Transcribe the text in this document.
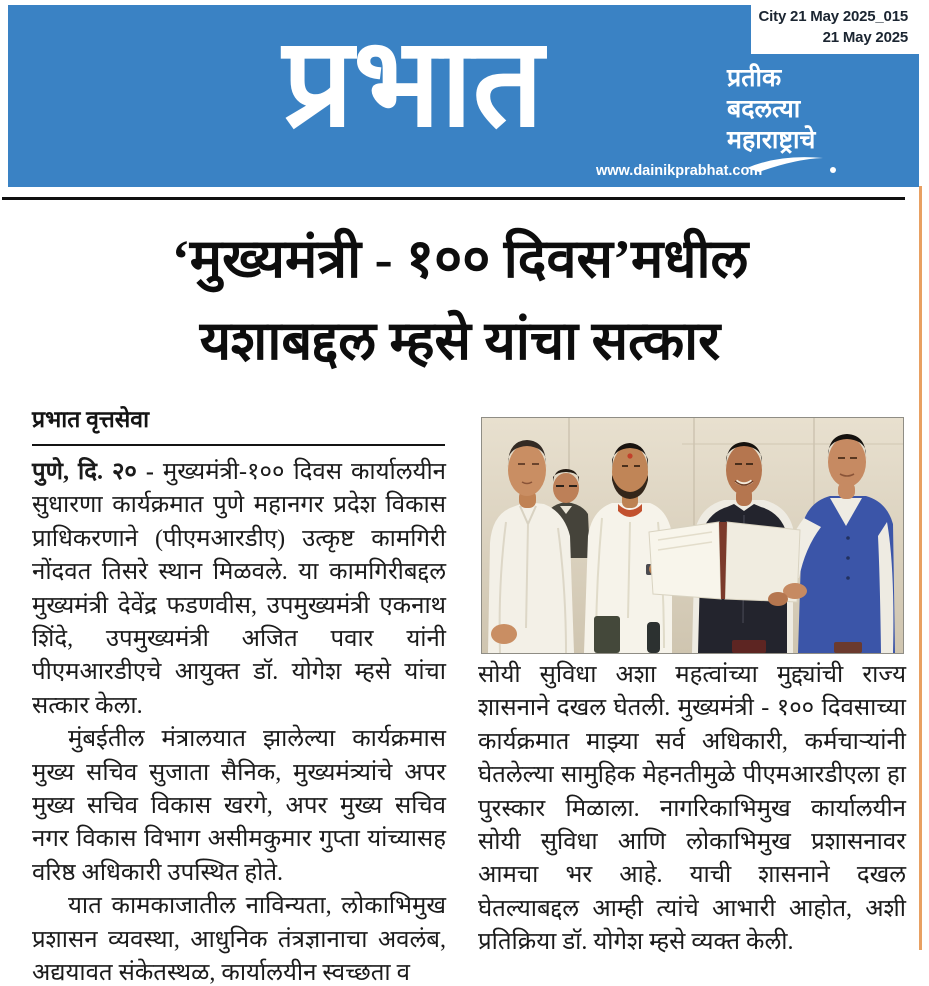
City 21 May 2025_015
21 May 2025
प्रभात	प्रतीक
बदलत्या
महाराष्ट्राचे
www.dainikprabhat.com
‘मुख्यमंत्री - १०० दिवस’मधील
यशाबद्दल म्हसे यांचा सत्कार
प्रभात वृत्तसेवा

पुणे, दि. २० - मुख्यमंत्री-१०० दिवस कार्यालयीन सुधारणा कार्यक्रमात पुणे महानगर प्रदेश विकास प्राधिकरणाने (पीएमआरडीए) उत्कृष्ट कामगिरी नोंदवत तिसरे स्थान मिळवले. या कामगिरीबद्दल मुख्यमंत्री देवेंद्र फडणवीस, उपमुख्यमंत्री एकनाथ शिंदे, उपमुख्यमंत्री अजित पवार यांनी पीएमआरडीएचे आयुक्त डॉ. योगेश म्हसे यांचा सत्कार केला.

मुंबईतील मंत्रालयात झालेल्या कार्यक्रमास मुख्य सचिव सुजाता सैनिक, मुख्यमंत्र्यांचे अपर मुख्य सचिव विकास खरगे, अपर मुख्य सचिव नगर विकास विभाग असीमकुमार गुप्ता यांच्यासह वरिष्ठ अधिकारी उपस्थित होते.

यात कामकाजातील नाविन्यता, लोकाभिमुख प्रशासन व्यवस्था, आधुनिक तंत्रज्ञानाचा अवलंब, अद्ययावत संकेतस्थळ, कार्यालयीन स्वच्छता व

सोयी सुविधा अशा महत्वांच्या मुद्द्यांची राज्य शासनाने दखल घेतली. मुख्यमंत्री - १०० दिवसाच्या कार्यक्रमात माझ्या सर्व अधिकारी, कर्मचाऱ्यांनी घेतलेल्या सामुहिक मेहनतीमुळे पीएमआरडीएला हा पुरस्कार मिळाला. नागरिकाभिमुख कार्यालयीन सोयी सुविधा आणि लोकाभिमुख प्रशासनावर आमचा भर आहे. याची शासनाने दखल घेतल्याबद्दल आम्ही त्यांचे आभारी आहोत, अशी प्रतिक्रिया डॉ. योगेश म्हसे व्यक्त केली.
